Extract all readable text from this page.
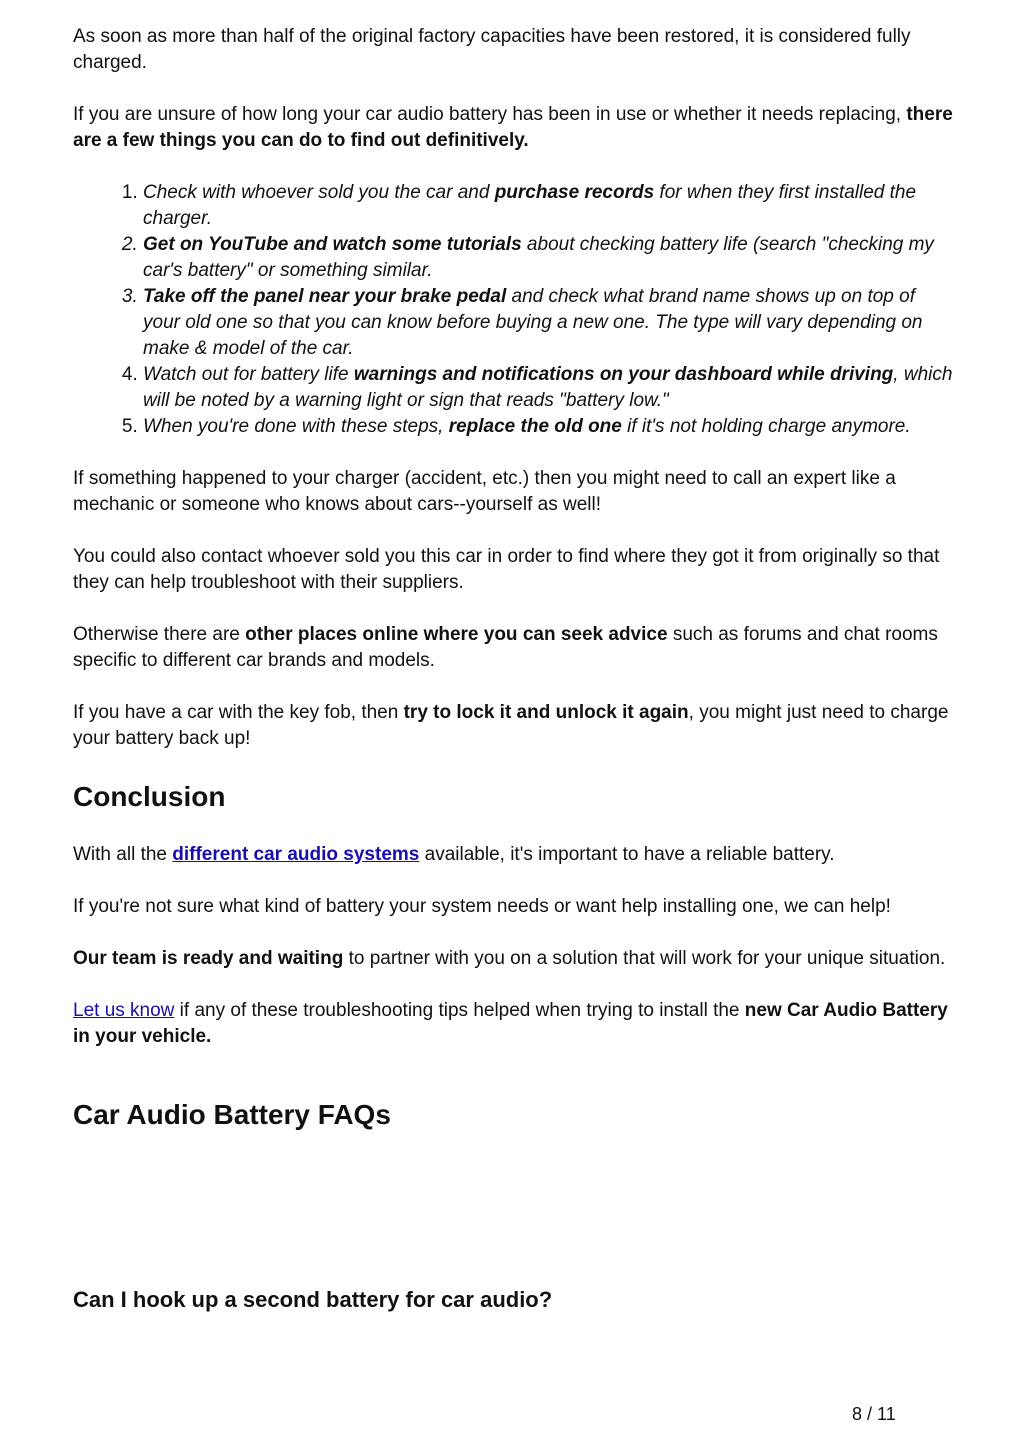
As soon as more than half of the original factory capacities have been restored, it is considered fully charged.

If you are unsure of how long your car audio battery has been in use or whether it needs replacing, there are a few things you can do to find out definitively.

1. Check with whoever sold you the car and purchase records for when they first installed the charger.
2. Get on YouTube and watch some tutorials about checking battery life (search "checking my car's battery" or something similar.
3. Take off the panel near your brake pedal and check what brand name shows up on top of your old one so that you can know before buying a new one. The type will vary depending on make & model of the car.
4. Watch out for battery life warnings and notifications on your dashboard while driving, which will be noted by a warning light or sign that reads "battery low."
5. When you're done with these steps, replace the old one if it's not holding charge anymore.

If something happened to your charger (accident, etc.) then you might need to call an expert like a mechanic or someone who knows about cars--yourself as well!

You could also contact whoever sold you this car in order to find where they got it from originally so that they can help troubleshoot with their suppliers.

Otherwise there are other places online where you can seek advice such as forums and chat rooms specific to different car brands and models.

If you have a car with the key fob, then try to lock it and unlock it again, you might just need to charge your battery back up!

Conclusion

With all the different car audio systems available, it's important to have a reliable battery.

If you're not sure what kind of battery your system needs or want help installing one, we can help!

Our team is ready and waiting to partner with you on a solution that will work for your unique situation.

Let us know if any of these troubleshooting tips helped when trying to install the new Car Audio Battery in your vehicle.

Car Audio Battery FAQs
Can I hook up a second battery for car audio?
8 / 11
